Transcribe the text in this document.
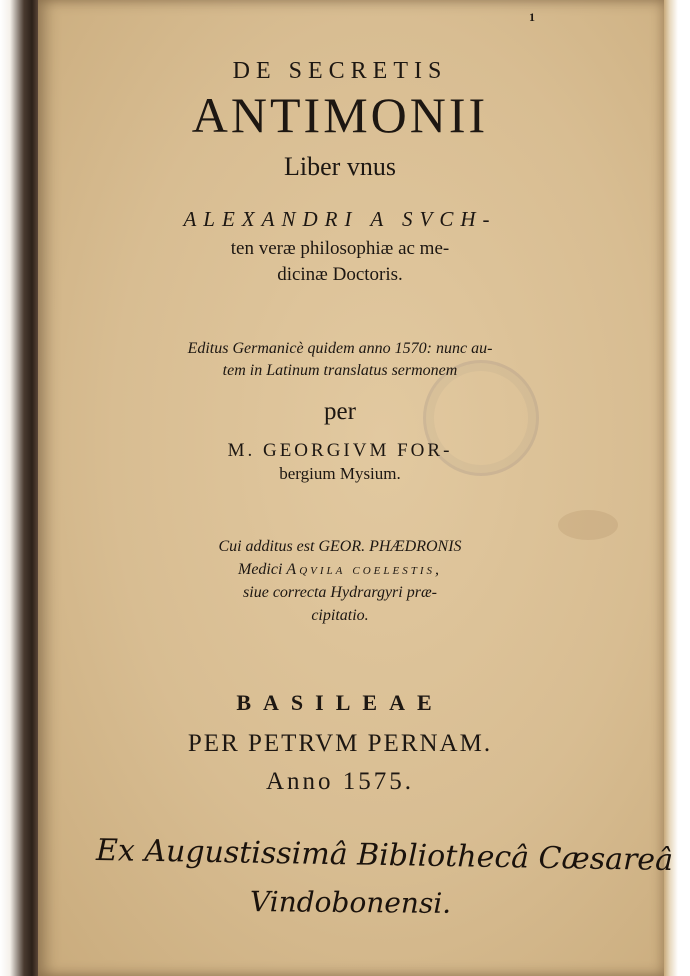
1
DE SECRETIS
ANTIMONII
Liber vnus
ALEXANDRI A SVCH-
ten veræ philosophiæ ac me-
dicinæ Doctoris.
Editus Germanicè quidem anno 1570: nunc au-
tem in Latinum translatus sermonem
per
M. GEORGIVM FOR-
bergium Mysium.
Cui additus est GEOR. PHÆDRONIS
Medici Aqvila coelestis,
siue correcta Hydrargyri præ-
cipitatio.
BASILEAE
PER PETRVM PERNAM.
Anno 1575.
Ex Augustissimâ Bibliothecâ Cæsareâ
Vindobonensi.
